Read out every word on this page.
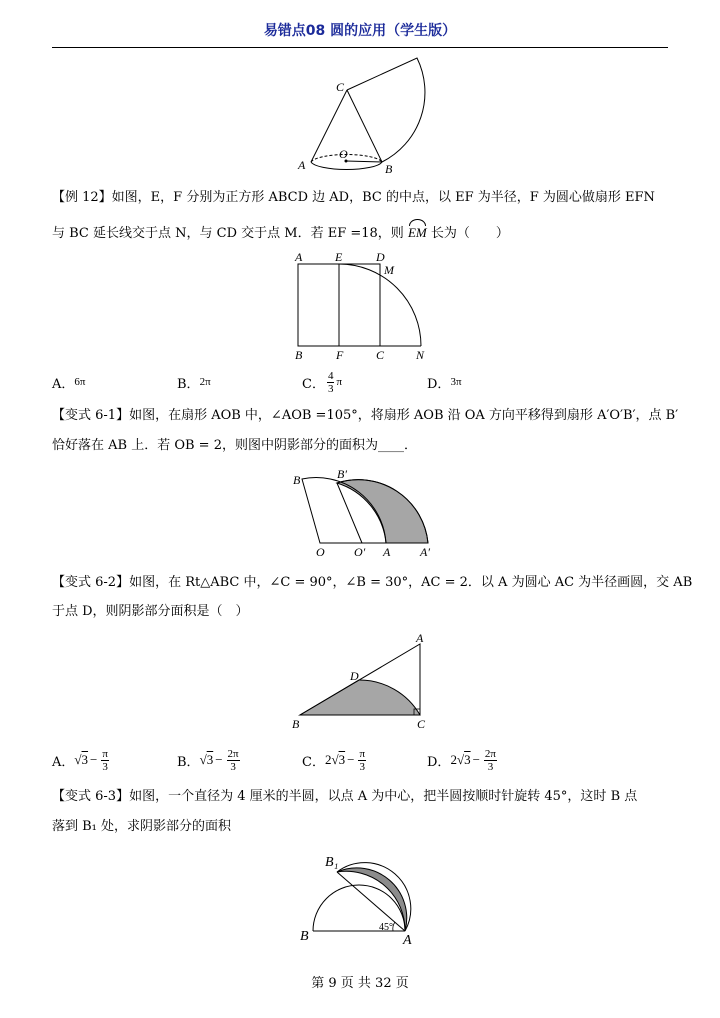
易错点08 圆的应用（学生版）
C
O
A	B
【例 12】如图，E，F 分别为正方形 ABCD 边 AD，BC 的中点，以 EF 为半径，F 为圆心做扇形 EFN
与 BC 延长线交于点 N，与 CD 交于点 M．若 EF =18，则 EM 长为（　　）
A	E	D
M
B	F	C	N
A． 6π	B． 2π	C． $\frac{4}{3}$ π	D． 3π
【变式 6-1】如图，在扇形 AOB 中，∠AOB =105°，将扇形 AOB 沿 OA 方向平移得到扇形 A′O′B′，点 B′
恰好落在 AB 上．若 OB = 2，则图中阴影部分的面积为____．
B	B′
O O′ A A′
【变式 6-2】如图，在 Rt△ABC 中，∠C = 90°，∠B = 30°，AC = 2．以 A 为圆心 AC 为半径画圆，交 AB
于点 D，则阴影部分面积是（　）
A
D
B	C
A． $√3 - \frac{\pi}{3}$	B． $√3 - \frac{2\pi}{3}$	C． $2√3 - \frac{\pi}{3}$	D． $2√3 - \frac{2\pi}{3}$
【变式 6-3】如图，一个直径为 4 厘米的半圆，以点 A 为中心，把半圆按顺时针旋转 45°，这时 B 点
落到 B₁ 处，求阴影部分的面积
B₁
B	A
45°
第 9 页 共 32 页
